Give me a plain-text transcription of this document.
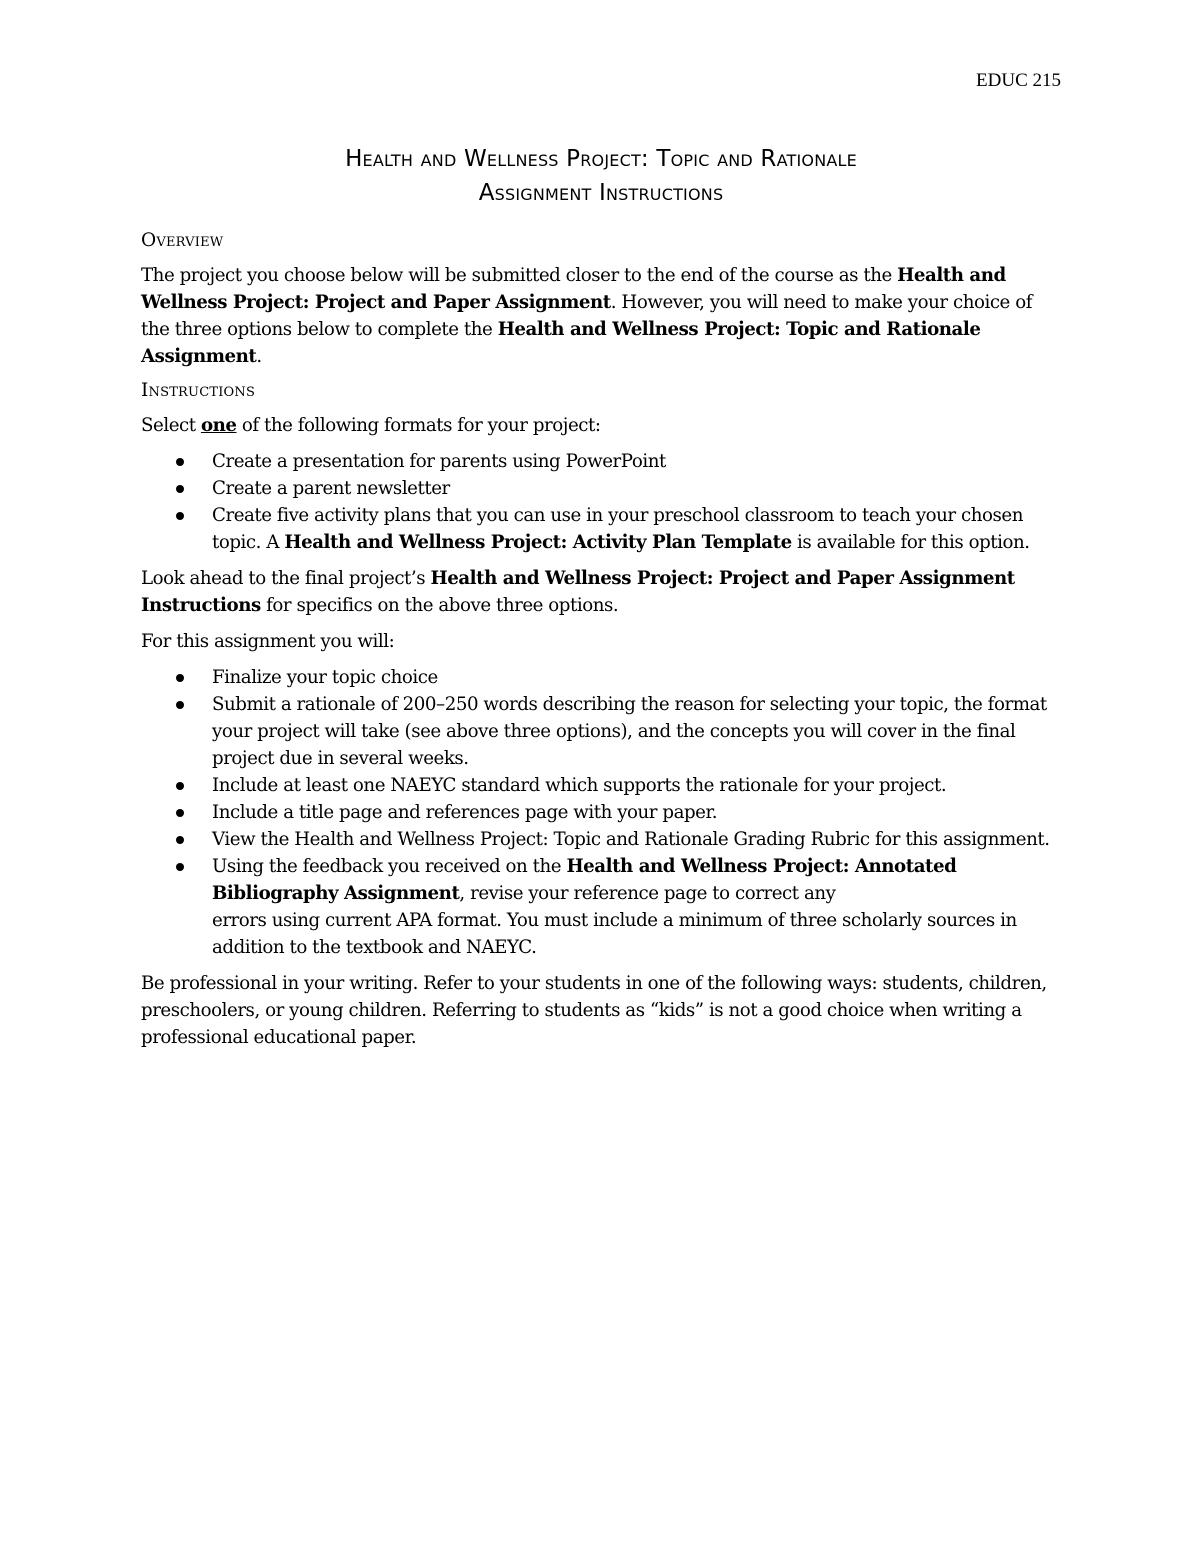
EDUC 215
Health and Wellness Project: Topic and Rationale
Assignment Instructions
Overview

The project you choose below will be submitted closer to the end of the course as the Health and Wellness Project: Project and Paper Assignment. However, you will need to make your choice of the three options below to complete the Health and Wellness Project: Topic and Rationale Assignment.

Instructions

Select one of the following formats for your project:

Create a presentation for parents using PowerPoint
Create a parent newsletter
Create five activity plans that you can use in your preschool classroom to teach your chosen topic. A Health and Wellness Project: Activity Plan Template is available for this option.

Look ahead to the final project’s Health and Wellness Project: Project and Paper Assignment Instructions for specifics on the above three options.

For this assignment you will:

Finalize your topic choice
Submit a rationale of 200–250 words describing the reason for selecting your topic, the format your project will take (see above three options), and the concepts you will cover in the final project due in several weeks.
Include at least one NAEYC standard which supports the rationale for your project.
Include a title page and references page with your paper.
View the Health and Wellness Project: Topic and Rationale Grading Rubric for this assignment.
Using the feedback you received on the Health and Wellness Project: Annotated Bibliography Assignment, revise your reference page to correct any
errors using current APA format. You must include a minimum of three scholarly sources in addition to the textbook and NAEYC.

Be professional in your writing. Refer to your students in one of the following ways: students, children, preschoolers, or young children. Referring to students as “kids” is not a good choice when writing a professional educational paper.
